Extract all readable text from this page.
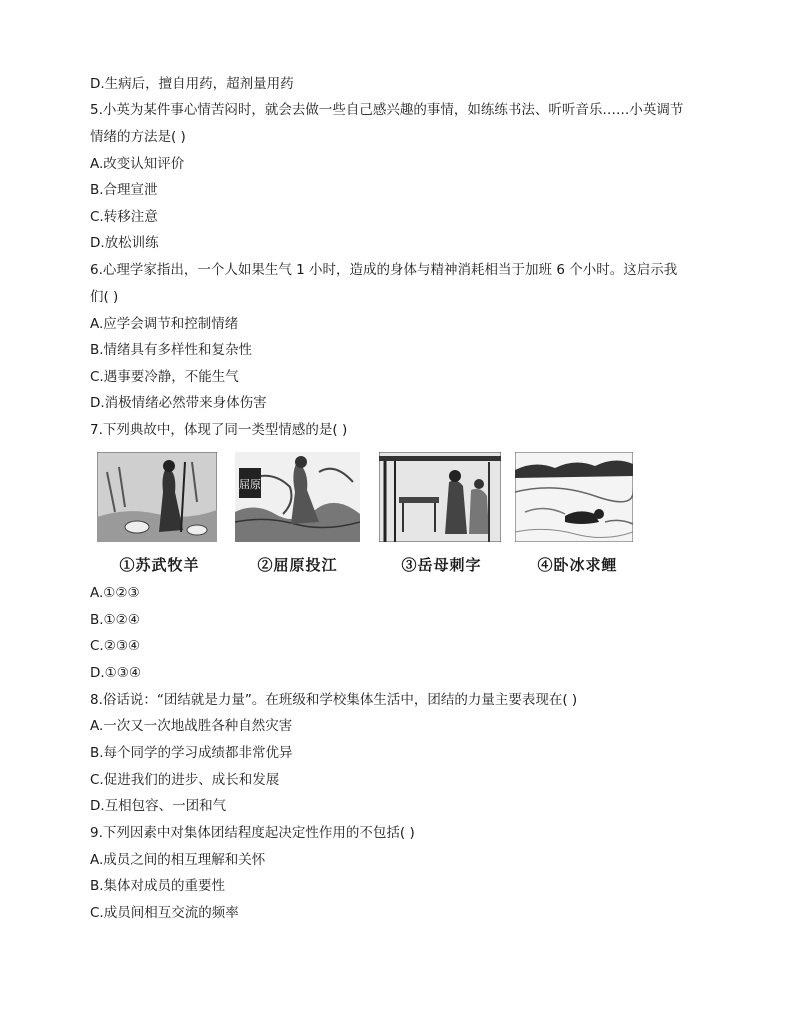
D.生病后，擅自用药，超剂量用药
5.小英为某件事心情苦闷时，就会去做一些自己感兴趣的事情，如练练书法、听听音乐……小英调节
情绪的方法是( )
A.改变认知评价
B.合理宣泄
C.转移注意
D.放松训练
6.心理学家指出，一个人如果生气 1 小时，造成的身体与精神消耗相当于加班 6 个小时。这启示我
们( )
A.应学会调节和控制情绪
B.情绪具有多样性和复杂性
C.遇事要冷静，不能生气
D.消极情绪必然带来身体伤害
7.下列典故中，体现了同一类型情感的是( )
①苏武牧羊
屈原
②屈原投江	③岳母刺字	④卧冰求鲤
A.①②③
B.①②④
C.②③④
D.①③④
8.俗话说：“团结就是力量”。在班级和学校集体生活中，团结的力量主要表现在( )
A.一次又一次地战胜各种自然灾害
B.每个同学的学习成绩都非常优异
C.促进我们的进步、成长和发展
D.互相包容、一团和气
9.下列因素中对集体团结程度起决定性作用的不包括( )
A.成员之间的相互理解和关怀
B.集体对成员的重要性
C.成员间相互交流的频率
